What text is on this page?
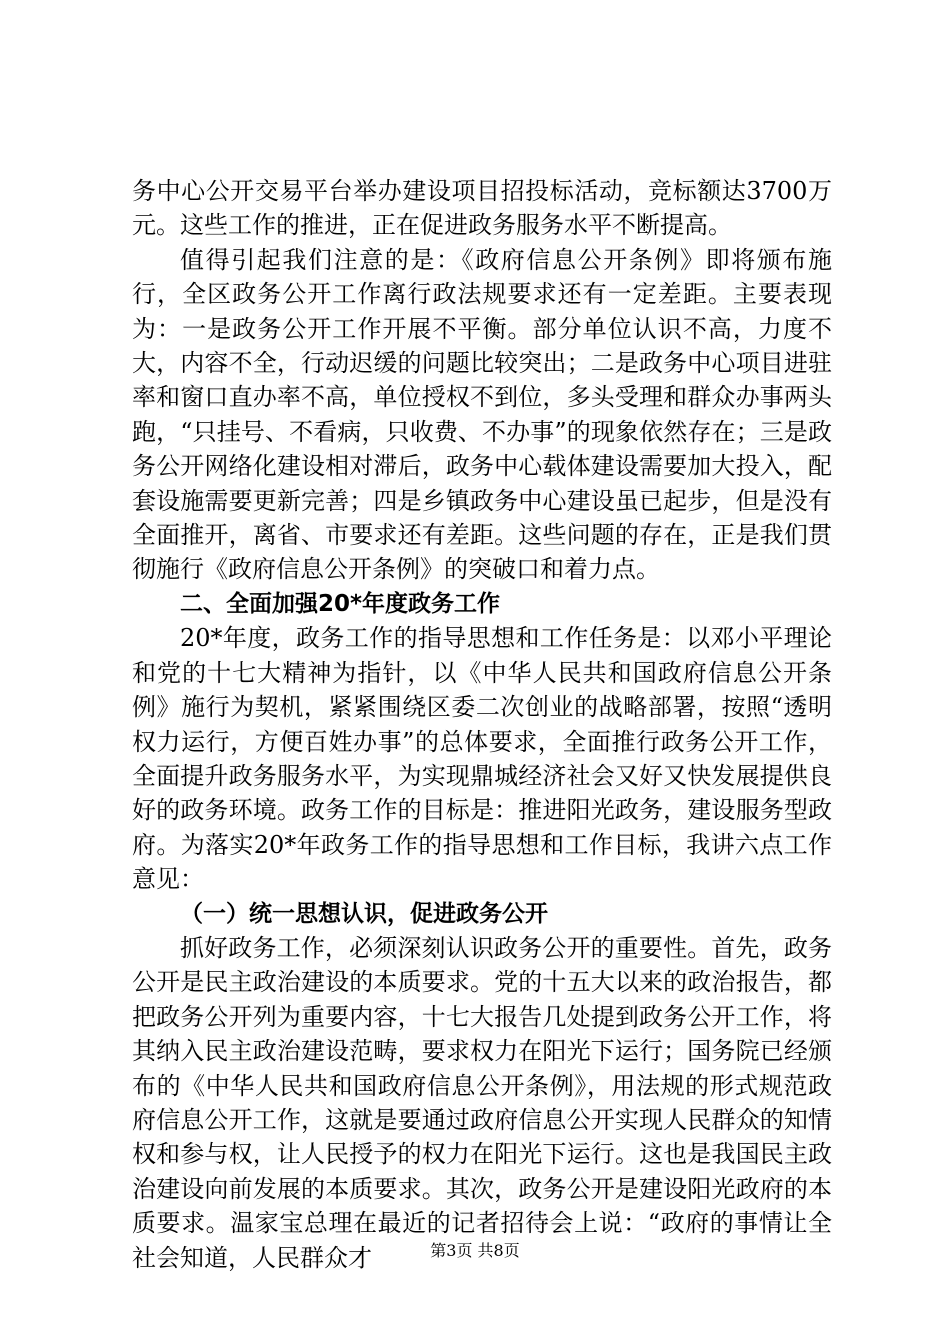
务中心公开交易平台举办建设项目招投标活动，竞标额达3700万元。这些工作的推进，正在促进政务服务水平不断提高。

值得引起我们注意的是：《政府信息公开条例》即将颁布施行，全区政务公开工作离行政法规要求还有一定差距。主要表现为：一是政务公开工作开展不平衡。部分单位认识不高，力度不大，内容不全，行动迟缓的问题比较突出；二是政务中心项目进驻率和窗口直办率不高，单位授权不到位，多头受理和群众办事两头跑，“只挂号、不看病，只收费、不办事”的现象依然存在；三是政务公开网络化建设相对滞后，政务中心载体建设需要加大投入，配套设施需要更新完善；四是乡镇政务中心建设虽已起步，但是没有全面推开，离省、市要求还有差距。这些问题的存在，正是我们贯彻施行《政府信息公开条例》的突破口和着力点。

二、全面加强20*年度政务工作

20*年度，政务工作的指导思想和工作任务是：以邓小平理论和党的十七大精神为指针，以《中华人民共和国政府信息公开条例》施行为契机，紧紧围绕区委二次创业的战略部署，按照“透明权力运行，方便百姓办事”的总体要求，全面推行政务公开工作，全面提升政务服务水平，为实现鼎城经济社会又好又快发展提供良好的政务环境。政务工作的目标是：推进阳光政务，建设服务型政府。为落实20*年政务工作的指导思想和工作目标，我讲六点工作意见：

（一）统一思想认识，促进政务公开

抓好政务工作，必须深刻认识政务公开的重要性。首先，政务公开是民主政治建设的本质要求。党的十五大以来的政治报告，都把政务公开列为重要内容，十七大报告几处提到政务公开工作，将其纳入民主政治建设范畴，要求权力在阳光下运行；国务院已经颁布的《中华人民共和国政府信息公开条例》，用法规的形式规范政府信息公开工作，这就是要通过政府信息公开实现人民群众的知情权和参与权，让人民授予的权力在阳光下运行。这也是我国民主政治建设向前发展的本质要求。其次，政务公开是建设阳光政府的本质要求。温家宝总理在最近的记者招待会上说：“政府的事情让全社会知道，人民群众才	第3页 共8页
